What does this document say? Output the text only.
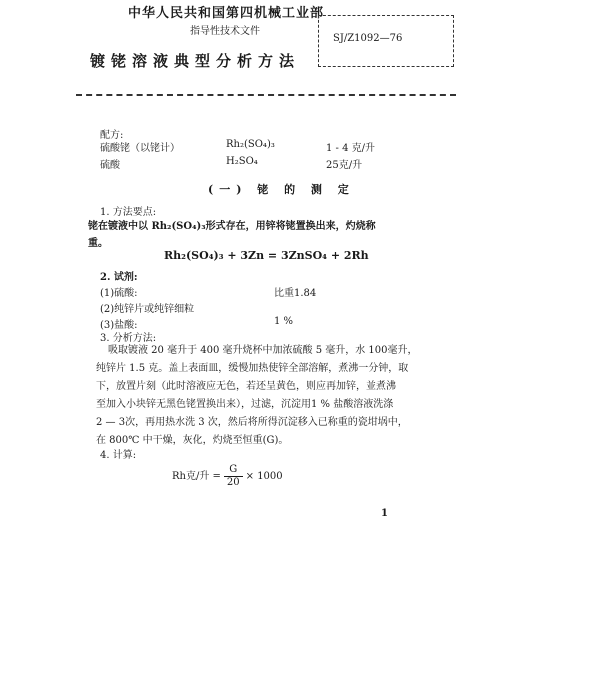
中华人民共和国第四机械工业部
指导性技术文件
镀铑溶液典型分析方法
SJ/Z1092—76
配方:
硫酸铑（以铑计）	Rh₂(SO₄)₃	1 - 4 克/升
硫酸	H₂SO₄	25克/升
(一) 铑 的 测 定
1. 方法要点:
铑在镀液中以 Rh₂(SO₄)₃形式存在，用锌将铑置换出来，灼烧称
重。
Rh₂(SO₄)₃ + 3Zn = 3ZnSO₄ + 2Rh
2. 试剂:
(1)硫酸:	比重1.84
(2)纯锌片或纯锌细粒
(3)盐酸:	1 %
3. 分析方法:
吸取镀液 20 毫升于 400 毫升烧杯中加浓硫酸 5 毫升，水 100毫升，
纯锌片 1.5 克。盖上表面皿，缓慢加热使锌全部溶解，煮沸一分钟，取
下，放置片刻（此时溶液应无色，若还呈黄色，则应再加锌，並煮沸
至加入小块锌无黑色铑置换出来），过滤，沉淀用1 % 盐酸溶液洗涤
2 — 3次，再用热水洗 3 次，然后将所得沉淀移入已称重的瓷坩埚中，
在 800℃ 中干燥，灰化，灼烧至恒重(G)。
4. 计算:
Rh克/升 = $\frac{G}{20} \times 1000$
1
